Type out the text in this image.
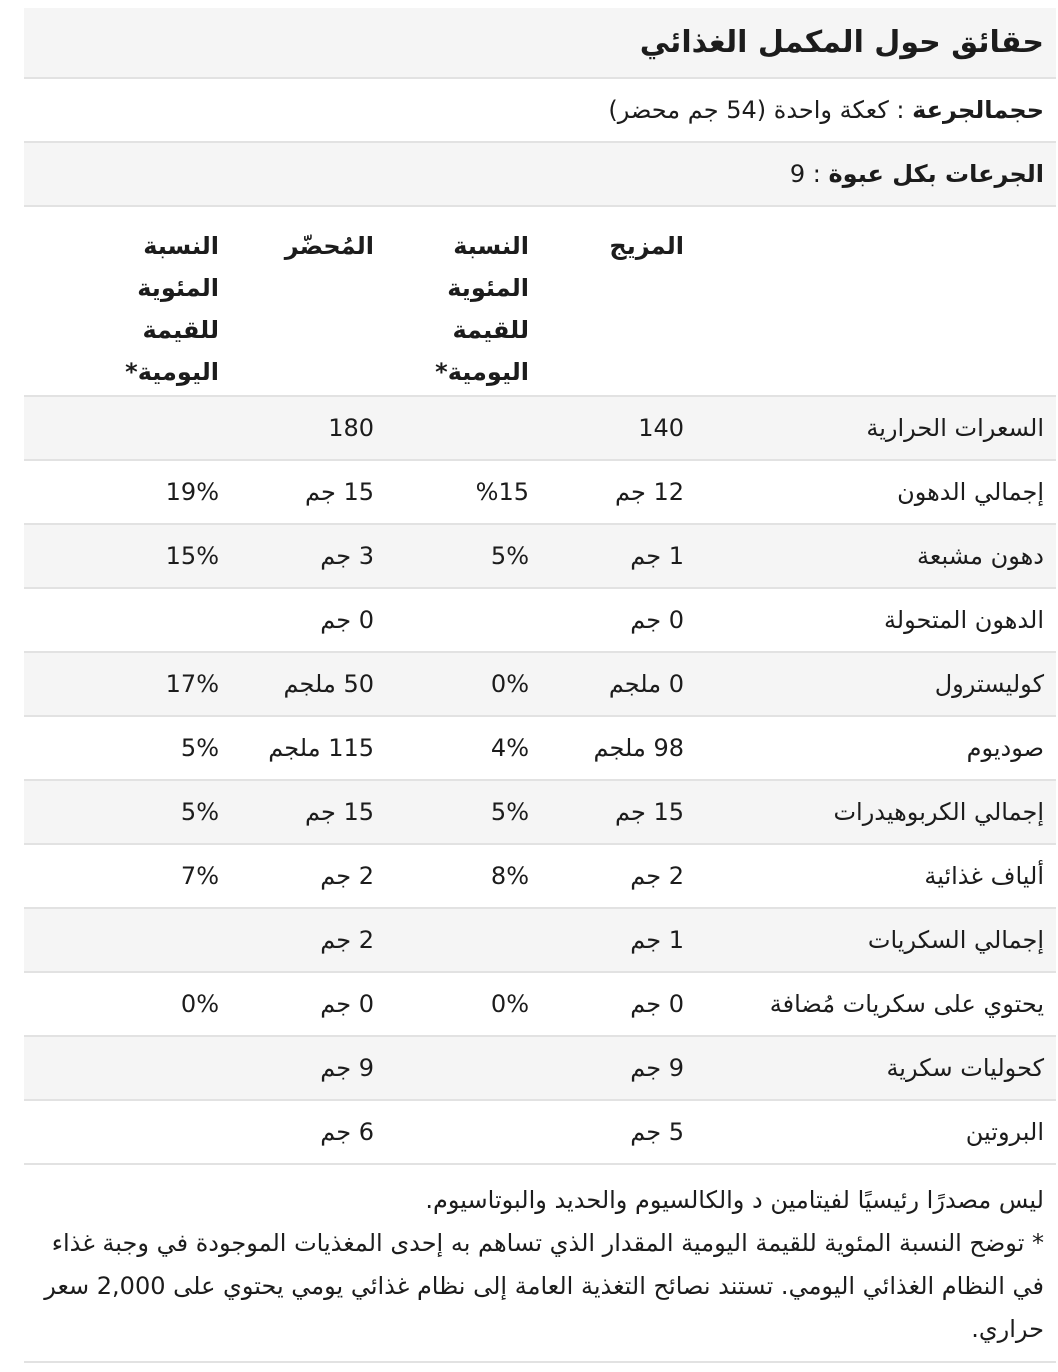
حقائق حول المكمل الغذائي
حجمالجرعة
:
كعكة واحدة (54 جم محضر)
الجرعات بكل عبوة
:
9
المزيج
النسبة المئوية للقيمة اليومية*
المُحضّر
النسبة المئوية للقيمة اليومية*
السعرات الحرارية
140
180
إجمالي الدهون
12 جم
%15
15 جم
19%
دهون مشبعة
1 جم
5%
3 جم
15%
الدهون المتحولة
0 جم
0 جم
كوليسترول
0 ملجم
0%
50 ملجم
17%
صوديوم
98 ملجم
4%
115 ملجم
5%
إجمالي الكربوهيدرات
15 جم
5%
15 جم
5%
ألياف غذائية
2 جم
8%
2 جم
7%
إجمالي السكريات
1 جم
2 جم
يحتوي على سكريات مُضافة
0 جم
0%
0 جم
0%
كحوليات سكرية
9 جم
9 جم
البروتين
5 جم
6 جم

ليس مصدرًا رئيسيًا لفيتامين د والكالسيوم والحديد والبوتاسيوم.

* توضح النسبة المئوية للقيمة اليومية المقدار الذي تساهم به إحدى المغذيات الموجودة في وجبة غذاء في النظام الغذائي اليومي. تستند نصائح التغذية العامة إلى نظام غذائي يومي يحتوي على 2,000 سعر حراري.
